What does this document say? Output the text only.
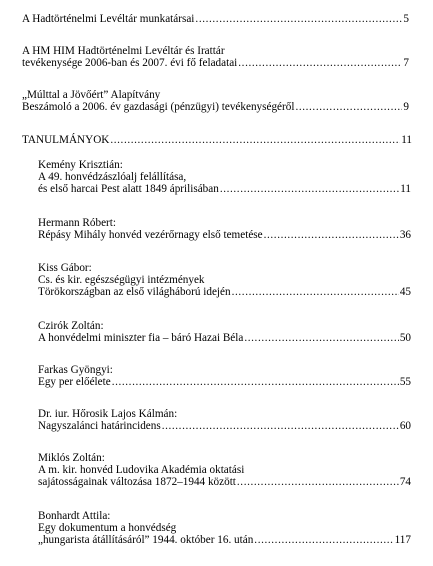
A Hadtörténelmi Levéltár munkatársai .....	5
A HM HIM Hadtörténelmi Levéltár és Irattár
tevékenysége 2006-ban és 2007. évi fő feladatai .....	7
„Múlttal a Jövőért” Alapítvány
Beszámoló a 2006. év gazdasági (pénzügyi) tevékenységéről .....	9
TANULMÁNYOK .....	11
Kemény Krisztián:
A 49. honvédzászlóalj felállítása,
és első harcai Pest alatt 1849 áprilisában .....	11
Hermann Róbert:
Répásy Mihály honvéd vezérőrnagy első temetése .....	36
Kiss Gábor:
Cs. és kir. egészségügyi intézmények
Törökországban az első világháború idején .....	45
Czirók Zoltán:
A honvédelmi miniszter fia – báró Hazai Béla .....	50
Farkas Gyöngyi:
Egy per előélete .....	55
Dr. iur. Hőrosik Lajos Kálmán:
Nagyszalánci határincidens .....	60
Miklós Zoltán:
A m. kir. honvéd Ludovika Akadémia oktatási
sajátosságainak változása 1872–1944 között .....	74
Bonhardt Attila:
Egy dokumentum a honvédség
„hungarista átállításáról” 1944. október 16. után .....	117
